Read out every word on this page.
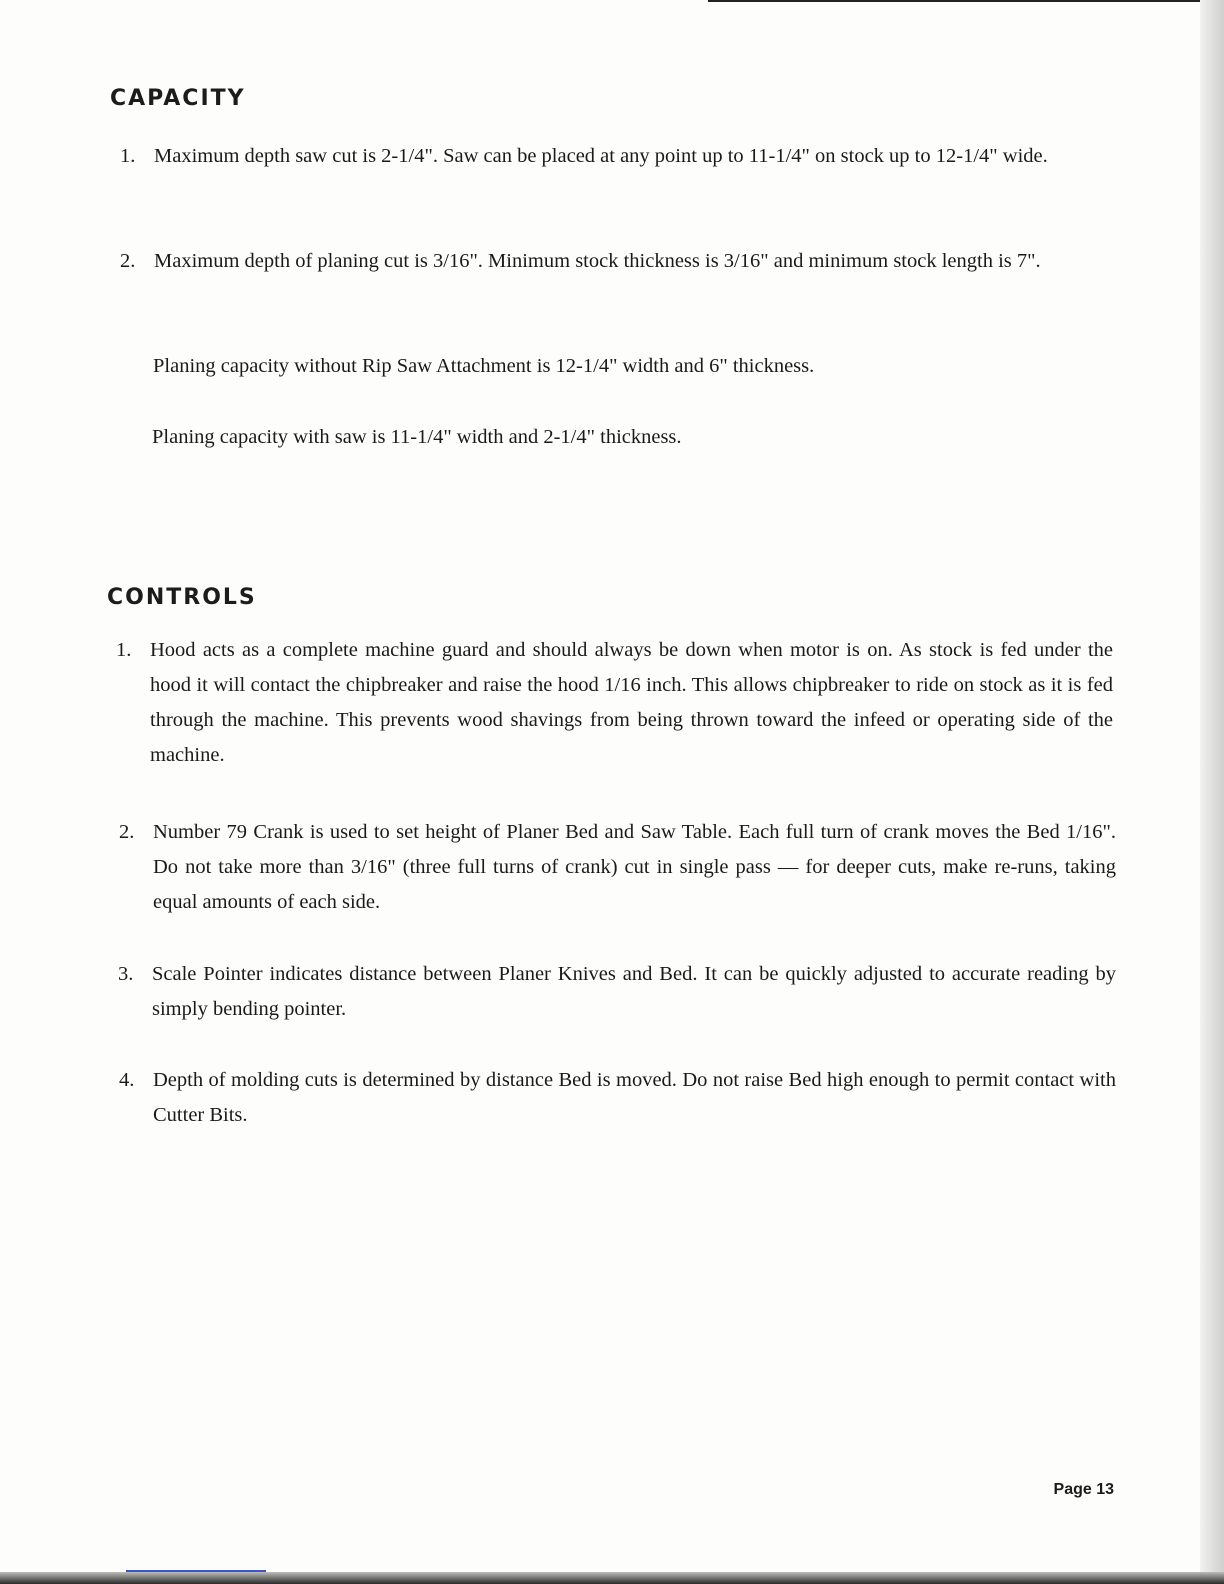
CAPACITY
1. Maximum depth saw cut is 2-1/4". Saw can be placed at any point up to 11-1/4" on stock up to 12-1/4" wide.
2. Maximum depth of planing cut is 3/16". Minimum stock thickness is 3/16" and minimum stock length is 7".
Planing capacity without Rip Saw Attachment is 12-1/4" width and 6" thickness.
Planing capacity with saw is 11-1/4" width and 2-1/4" thickness.
CONTROLS
1. Hood acts as a complete machine guard and should always be down when motor is on. As stock is fed under the hood it will contact the chipbreaker and raise the hood 1/16 inch. This allows chipbreaker to ride on stock as it is fed through the machine. This prevents wood shavings from being thrown toward the infeed or operating side of the machine.
2. Number 79 Crank is used to set height of Planer Bed and Saw Table. Each full turn of crank moves the Bed 1/16". Do not take more than 3/16" (three full turns of crank) cut in single pass — for deeper cuts, make re-runs, taking equal amounts of each side.
3. Scale Pointer indicates distance between Planer Knives and Bed. It can be quickly adjusted to accurate reading by simply bending pointer.
4. Depth of molding cuts is determined by distance Bed is moved. Do not raise Bed high enough to permit contact with Cutter Bits.
Page 13
